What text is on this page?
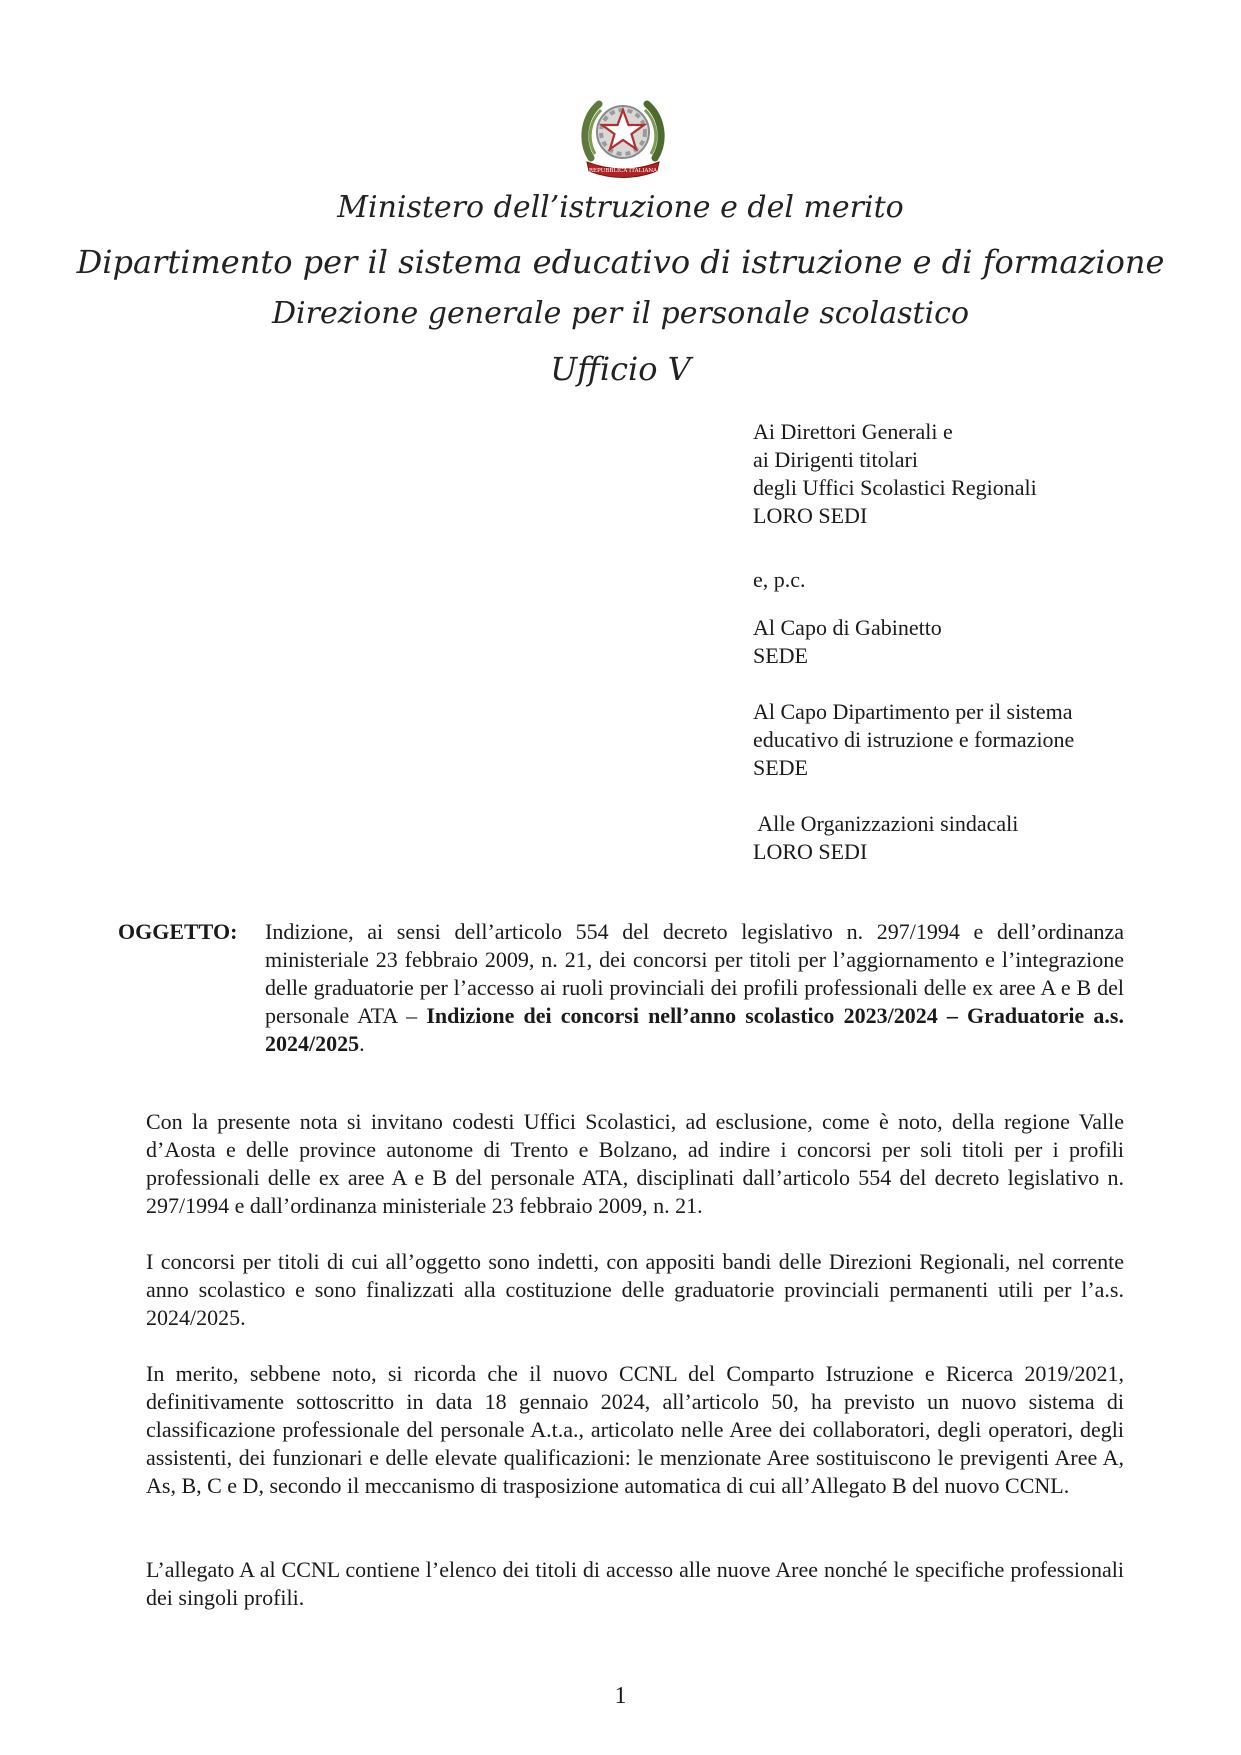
REPUBBLICA ITALIANA
Ministero dell’istruzione e del merito
Dipartimento per il sistema educativo di istruzione e di formazione
Direzione generale per il personale scolastico
Ufficio V
Ai Direttori Generali e
ai Dirigenti titolari
degli Uffici Scolastici Regionali
LORO SEDI
e, p.c.
Al Capo di Gabinetto
SEDE
Al Capo Dipartimento per il sistema
educativo di istruzione e formazione
SEDE
Alle Organizzazioni sindacali
LORO SEDI
OGGETTO: Indizione, ai sensi dell’articolo 554 del decreto legislativo n. 297/1994 e dell’ordinanza ministeriale 23 febbraio 2009, n. 21, dei concorsi per titoli per l’aggiornamento e l’integrazione delle graduatorie per l’accesso ai ruoli provinciali dei profili professionali delle ex aree A e B del personale ATA – Indizione dei concorsi nell’anno scolastico 2023/2024 – Graduatorie a.s. 2024/2025.
Con la presente nota si invitano codesti Uffici Scolastici, ad esclusione, come è noto, della regione Valle d’Aosta e delle province autonome di Trento e Bolzano, ad indire i concorsi per soli titoli per i profili professionali delle ex aree A e B del personale ATA, disciplinati dall’articolo 554 del decreto legislativo n. 297/1994 e dall’ordinanza ministeriale 23 febbraio 2009, n. 21.
I concorsi per titoli di cui all’oggetto sono indetti, con appositi bandi delle Direzioni Regionali, nel corrente anno scolastico e sono finalizzati alla costituzione delle graduatorie provinciali permanenti utili per l’a.s. 2024/2025.
In merito, sebbene noto, si ricorda che il nuovo CCNL del Comparto Istruzione e Ricerca 2019/2021, definitivamente sottoscritto in data 18 gennaio 2024, all’articolo 50, ha previsto un nuovo sistema di classificazione professionale del personale A.t.a., articolato nelle Aree dei collaboratori, degli operatori, degli assistenti, dei funzionari e delle elevate qualificazioni: le menzionate Aree sostituiscono le previgenti Aree A, As, B, C e D, secondo il meccanismo di trasposizione automatica di cui all’Allegato B del nuovo CCNL.
L’allegato A al CCNL contiene l’elenco dei titoli di accesso alle nuove Aree nonché le specifiche professionali dei singoli profili.
1
